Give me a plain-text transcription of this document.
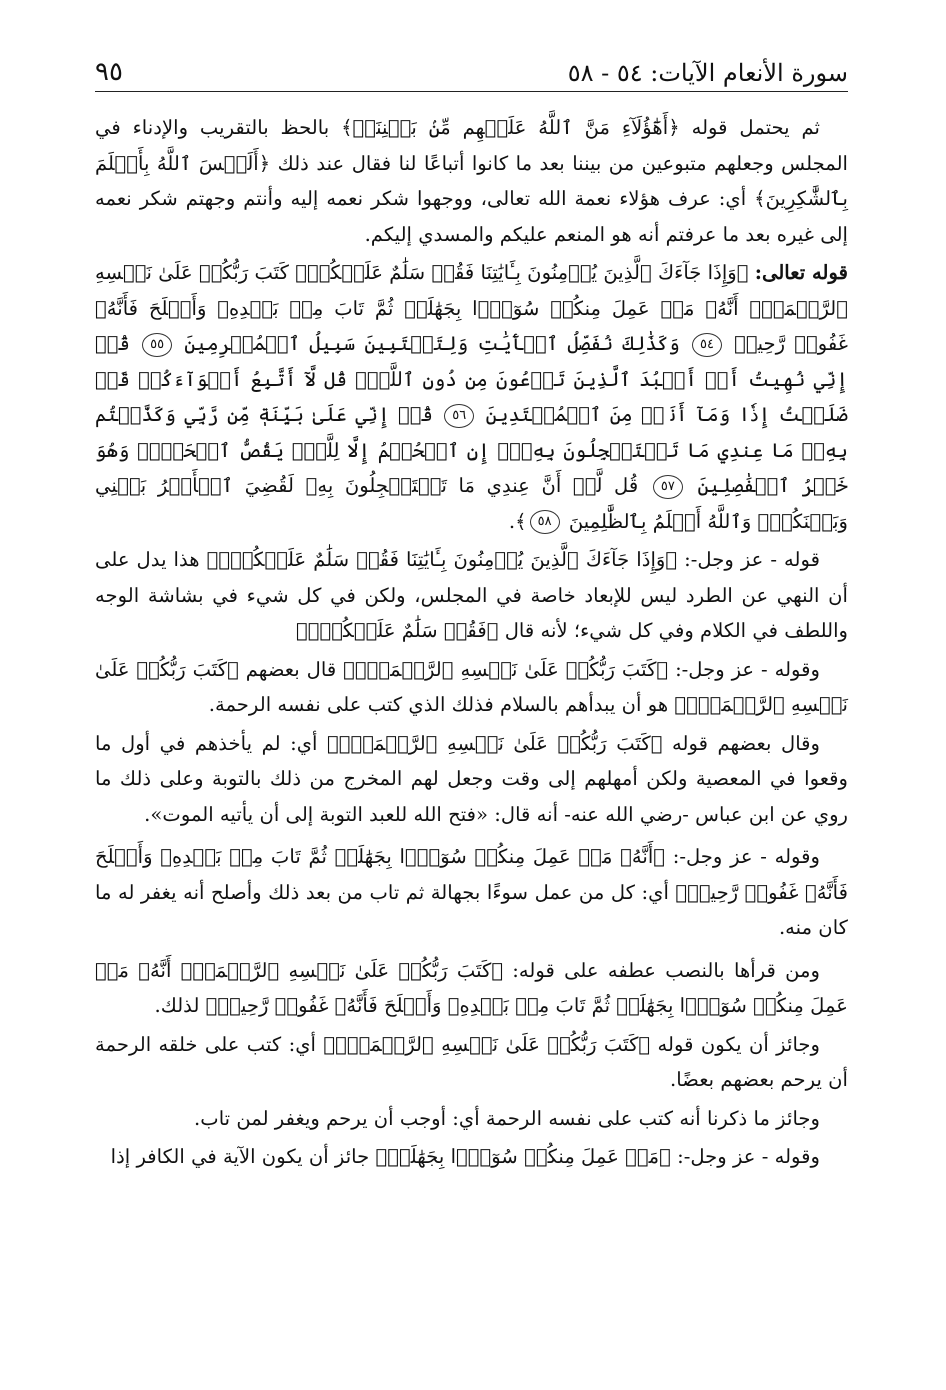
سورة الأنعام الآيات: ٥٤ - ٥٨
٩٥

ثم يحتمل قوله ﴿أَهَٰٓؤُلَآءِ مَنَّ ٱللَّهُ عَلَيۡهِم مِّنۢ بَيۡنِنَآۗ﴾ بالحظ بالتقريب والإدناء في المجلس وجعلهم متبوعين من بيننا بعد ما كانوا أتباعًا لنا فقال عند ذلك ﴿أَلَيۡسَ ٱللَّهُ بِأَعۡلَمَ بِٱلشَّٰكِرِينَ﴾ أي: عرف هؤلاء نعمة الله تعالى، ووجهوا شكر نعمه إليه وأنتم وجهتم شكر نعمه إلى غيره بعد ما عرفتم أنه هو المنعم عليكم والمسدي إليكم.

قوله تعالى: ﴿وَإِذَا جَآءَكَ ٱلَّذِينَ يُؤۡمِنُونَ بِـَٔايَٰتِنَا فَقُلۡ سَلَٰمٌ عَلَيۡكُمۡۖ كَتَبَ رَبُّكُمۡ عَلَىٰ نَفۡسِهِ ٱلرَّحۡمَةَۖ أَنَّهُۥ مَنۡ عَمِلَ مِنكُمۡ سُوٓءَۢا بِجَهَٰلَةٖ ثُمَّ تَابَ مِنۢ بَعۡدِهِۦ وَأَصۡلَحَ فَأَنَّهُۥ غَفُورٞ رَّحِيمٞ ٥٤ وَكَذَٰلِكَ نُفَصِّلُ ٱلۡأٓيَٰتِ وَلِتَسۡتَبِينَ سَبِيلُ ٱلۡمُجۡرِمِينَ ٥٥ قُلۡ إِنِّي نُهِيتُ أَنۡ أَعۡبُدَ ٱلَّذِينَ تَدۡعُونَ مِن دُونِ ٱللَّهِۚ قُل لَّآ أَتَّبِعُ أَهۡوَآءَكُمۡ قَدۡ ضَلَلۡتُ إِذٗا وَمَآ أَنَا۠ مِنَ ٱلۡمُهۡتَدِينَ ٥٦ قُلۡ إِنِّي عَلَىٰ بَيِّنَةٖ مِّن رَّبِّي وَكَذَّبۡتُم بِهِۦۚ مَا عِندِي مَا تَسۡتَعۡجِلُونَ بِهِۦٓۚ إِنِ ٱلۡحُكۡمُ إِلَّا لِلَّهِۖ يَقُصُّ ٱلۡحَقَّۖ وَهُوَ خَيۡرُ ٱلۡفَٰصِلِينَ ٥٧ قُل لَّوۡ أَنَّ عِندِي مَا تَسۡتَعۡجِلُونَ بِهِۦ لَقُضِيَ ٱلۡأَمۡرُ بَيۡنِي وَبَيۡنَكُمۡۗ وَٱللَّهُ أَعۡلَمُ بِٱلظَّٰلِمِينَ ٥٨﴾.

قوله - عز وجل-: ﴿وَإِذَا جَآءَكَ ٱلَّذِينَ يُؤۡمِنُونَ بِـَٔايَٰتِنَا فَقُلۡ سَلَٰمٌ عَلَيۡكُمۡۖ﴾ هذا يدل على أن النهي عن الطرد ليس للإبعاد خاصة في المجلس، ولكن في كل شيء في بشاشة الوجه واللطف في الكلام وفي كل شيء؛ لأنه قال ﴿فَقُلۡ سَلَٰمٌ عَلَيۡكُمۡۖ﴾

وقوله - عز وجل-: ﴿كَتَبَ رَبُّكُمۡ عَلَىٰ نَفۡسِهِ ٱلرَّحۡمَةَۖ﴾ قال بعضهم ﴿كَتَبَ رَبُّكُمۡ عَلَىٰ نَفۡسِهِ ٱلرَّحۡمَةَۖ﴾ هو أن يبدأهم بالسلام فذلك الذي كتب على نفسه الرحمة.

وقال بعضهم قوله ﴿كَتَبَ رَبُّكُمۡ عَلَىٰ نَفۡسِهِ ٱلرَّحۡمَةَۖ﴾ أي: لم يأخذهم في أول ما وقعوا في المعصية ولكن أمهلهم إلى وقت وجعل لهم المخرج من ذلك بالتوبة وعلى ذلك ما روي عن ابن عباس -رضي الله عنه- أنه قال: «فتح الله للعبد التوبة إلى أن يأتيه الموت».

وقوله - عز وجل-: ﴿أَنَّهُۥ مَنۡ عَمِلَ مِنكُمۡ سُوٓءَۢا بِجَهَٰلَةٖ ثُمَّ تَابَ مِنۢ بَعۡدِهِۦ وَأَصۡلَحَ فَأَنَّهُۥ غَفُورٞ رَّحِيمٞ﴾ أي: كل من عمل سوءًا بجهالة ثم تاب من بعد ذلك وأصلح أنه يغفر له ما كان منه.

ومن قرأها بالنصب عطفه على قوله: ﴿كَتَبَ رَبُّكُمۡ عَلَىٰ نَفۡسِهِ ٱلرَّحۡمَةَۖ أَنَّهُۥ مَنۡ عَمِلَ مِنكُمۡ سُوٓءَۢا بِجَهَٰلَةٖ ثُمَّ تَابَ مِنۢ بَعۡدِهِۦ وَأَصۡلَحَ فَأَنَّهُۥ غَفُورٞ رَّحِيمٞ﴾ لذلك.

وجائز أن يكون قوله ﴿كَتَبَ رَبُّكُمۡ عَلَىٰ نَفۡسِهِ ٱلرَّحۡمَةَۖ﴾ أي: كتب على خلقه الرحمة أن يرحم بعضهم بعضًا.

وجائز ما ذكرنا أنه كتب على نفسه الرحمة أي: أوجب أن يرحم ويغفر لمن تاب.

وقوله - عز وجل-: ﴿مَنۡ عَمِلَ مِنكُمۡ سُوٓءَۢا بِجَهَٰلَةٖ﴾ جائز أن يكون الآية في الكافر إذا
